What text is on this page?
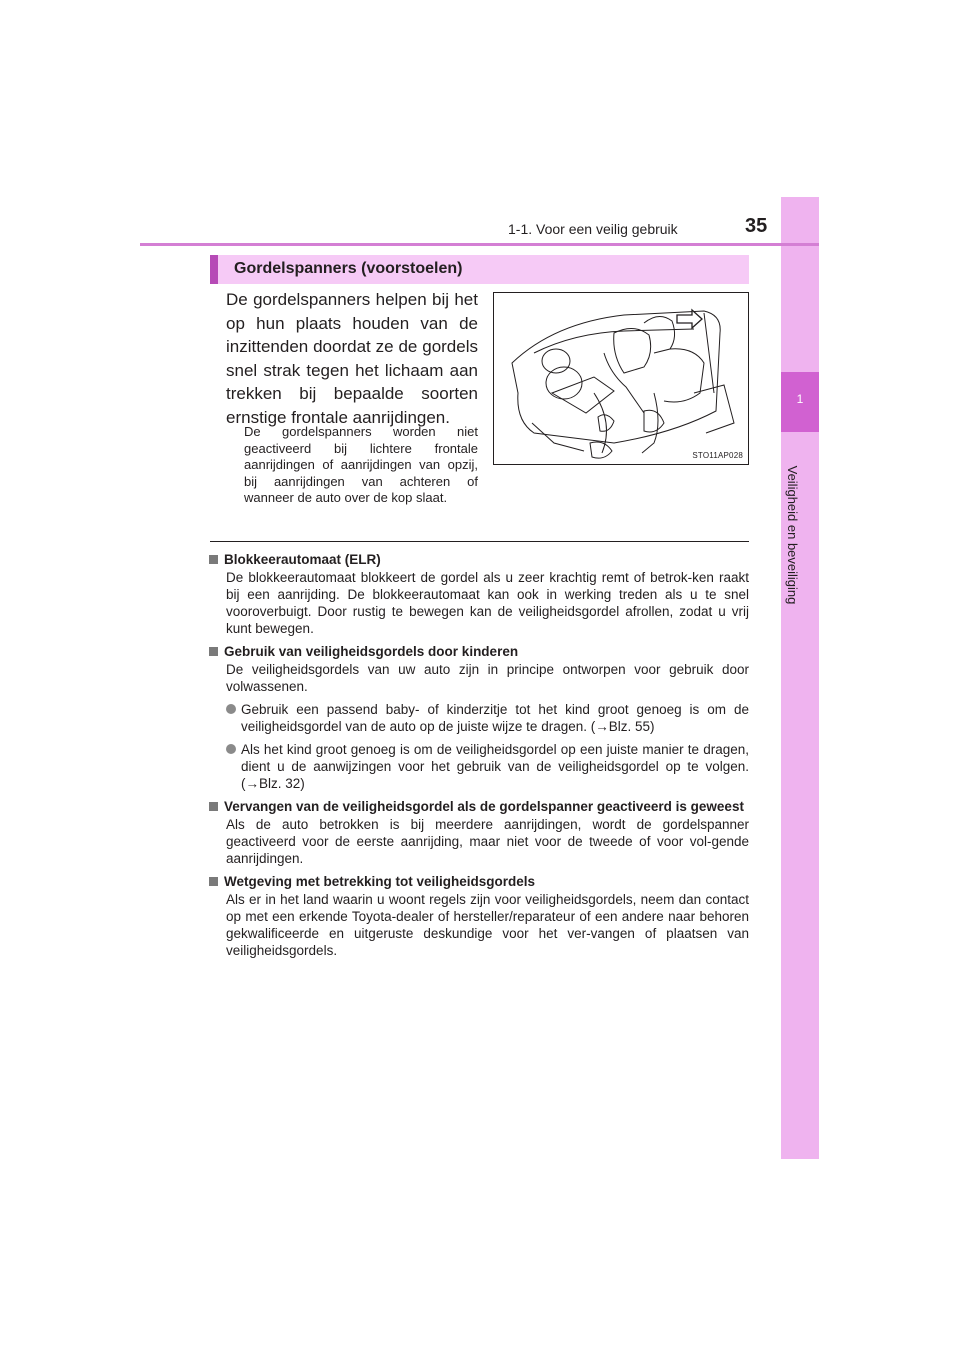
1
Veiligheid en beveiliging
1-1. Voor een veilig gebruik	35
Gordelspanners (voorstoelen)
De gordelspanners helpen bij het op hun plaats houden van de inzittenden doordat ze de gordels snel strak tegen het lichaam aan trekken bij bepaalde soorten ernstige frontale aanrijdingen.
De gordelspanners worden niet geactiveerd bij lichtere frontale aanrijdingen of aanrijdingen van opzij, bij aanrijdingen van achteren of wanneer de auto over de kop slaat.
STO11AP028
Blokkeerautomaat (ELR)
De blokkeerautomaat blokkeert de gordel als u zeer krachtig remt of betrok-ken raakt bij een aanrijding. De blokkeerautomaat kan ook in werking treden als u te snel vooroverbuigt. Door rustig te bewegen kan de veiligheidsgordel afrollen, zodat u vrij kunt bewegen.
Gebruik van veiligheidsgordels door kinderen
De veiligheidsgordels van uw auto zijn in principe ontworpen voor gebruik door volwassenen.
Gebruik een passend baby- of kinderzitje tot het kind groot genoeg is om de veiligheidsgordel van de auto op de juiste wijze te dragen. (→Blz. 55)
Als het kind groot genoeg is om de veiligheidsgordel op een juiste manier te dragen, dient u de aanwijzingen voor het gebruik van de veiligheidsgordel op te volgen. (→Blz. 32)
Vervangen van de veiligheidsgordel als de gordelspanner geactiveerd is geweest
Als de auto betrokken is bij meerdere aanrijdingen, wordt de gordelspanner geactiveerd voor de eerste aanrijding, maar niet voor de tweede of voor vol-gende aanrijdingen.
Wetgeving met betrekking tot veiligheidsgordels
Als er in het land waarin u woont regels zijn voor veiligheidsgordels, neem dan contact op met een erkende Toyota-dealer of hersteller/reparateur of een andere naar behoren gekwalificeerde en uitgeruste deskundige voor het ver-vangen of plaatsen van veiligheidsgordels.
